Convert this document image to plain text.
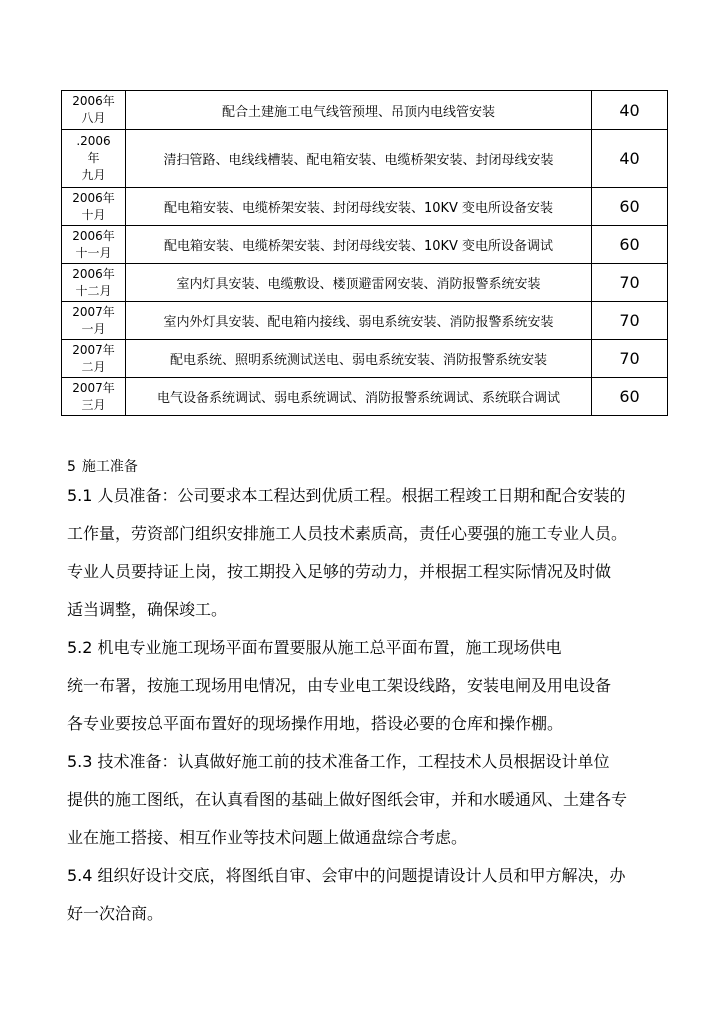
2006年
八月	配合土建施工电气线管预埋、吊顶内电线管安装	40

.2006
年
九月	清扫管路、电线线槽装、配电箱安装、电缆桥架安装、封闭母线安装	40

2006年
十月	配电箱安装、电缆桥架安装、封闭母线安装、10KV 变电所设备安装	60

2006年
十一月	配电箱安装、电缆桥架安装、封闭母线安装、10KV 变电所设备调试	60

2006年
十二月	室内灯具安装、电缆敷设、楼顶避雷网安装、消防报警系统安装	70

2007年
一月	室内外灯具安装、配电箱内接线、弱电系统安装、消防报警系统安装	70

2007年
二月	配电系统、照明系统测试送电、弱电系统安装、消防报警系统安装	70

2007年
三月	电气设备系统调试、弱电系统调试、消防报警系统调试、系统联合调试	60
5 施工准备

5.1 人员准备：公司要求本工程达到优质工程。根据工程竣工日期和配合安装的
工作量，劳资部门组织安排施工人员技术素质高，责任心要强的施工专业人员。
专业人员要持证上岗，按工期投入足够的劳动力，并根据工程实际情况及时做
适当调整，确保竣工。

5.2 机电专业施工现场平面布置要服从施工总平面布置，施工现场供电
统一布署，按施工现场用电情况，由专业电工架设线路，安装电闸及用电设备
各专业要按总平面布置好的现场操作用地，搭设必要的仓库和操作棚。

5.3 技术准备：认真做好施工前的技术准备工作，工程技术人员根据设计单位
提供的施工图纸，在认真看图的基础上做好图纸会审，并和水暖通风、土建各专
业在施工搭接、相互作业等技术问题上做通盘综合考虑。

5.4 组织好设计交底，将图纸自审、会审中的问题提请设计人员和甲方解决，办
好一次洽商。
